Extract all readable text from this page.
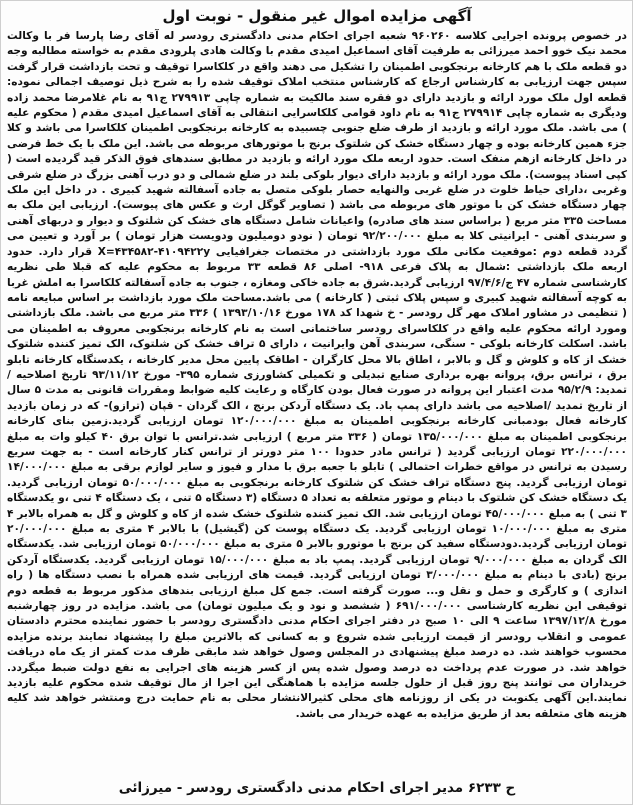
آگهی مزایده اموال غیر منقول - نوبت اول

در خصوص پرونده اجرایی کلاسه ۹۶۰۲۶۰ شعبه اجرای احکام مدنی دادگستری رودسر له آقای رضا پارسا فر با وکالت محمد نیک خوو احمد میرزائی به طرفیت آقای اسماعیل امیدی مقدم با وکالت هادی پلرودی مقدم به خواسته مطالبه وجه دو قطعه ملک با هم کارخانه برنجکوبی اطمینان را تشکیل می دهند واقع در کلکاسرا توقیف و تحت بازداشت قرار گرفت سپس جهت ارزیابی به کارشناس ارجاع که کارشناس منتخب املاک توقیف شده را به شرح ذیل توصیف اجمالی نموده: قطعه اول ملک مورد ارائه و بازدید دارای دو فقره سند مالکیت به شماره چاپی ۲۷۹۹۱۳ ج۹۱ به نام غلامرضا محمد زاده ودیگری به شماره چاپی ۲۷۹۹۱۴ ج۹۱ به نام داود قوامی کلکاسرایی انتقالی به آقای اسماعیل امیدی مقدم ( محکوم علیه ) می باشد. ملک مورد ارائه و بازدید از طرف ضلع جنوبی چسبیده به کارخانه برنجکوبی اطمینان کلکاسرا می باشد و کلا جزء همین کارخانه بوده و چهار دستگاه خشک کن شلتوک برنج با موتورهای مربوطه می باشد. این ملک با یک خط فرضی در داخل کارخانه ازهم منفک است. حدود اربعه ملک مورد ارائه و بازدید در مطابق سندهای فوق الذکر قید گردیده است ( کپی اسناد پیوست). ملک مورد ارائه و بازدید دارای دیوار بلوکی بلند در ضلع شمالی و دو درب آهنی بزرگ در ضلع شرقی وغربی ،دارای حیاط خلوت در ضلع غربی والنهایه حصار بلوکی متصل به جاده آسفالته شهید کبیری . در داخل این ملک چهار دستگاه خشک کن با موتور های مربوطه می باشد ( تصاویر گوگل ارث و عکس های پیوست). ارزیابی این ملک به مساحت ۳۳۵ متر مربع ( براساس سند های صادره) واعیانات شامل دستگاه های خشک کن شلتوک و دیوار و دربهای آهنی و سربندی آهنی - ایرانیتی کلا به مبلغ ۹۲/۲۰۰/۰۰۰ تومان ( نودو دومیلیون ودویست هزار تومان ) بر آورد و تعیین می گردد قطعه دوم :موقعیت مکانی ملک مورد بازداشتی در مختصات جغرافیایی X=۴۳۴۵۸۲-۴۱۰۹۴۲۲y قرار دارد. حدود اربعه ملک بازداشتی :شمال به پلاک فرعی ۹۱۸- اصلی ۸۶ قطعه ۳۳ مربوط به محکوم علیه که قبلا طی نظریه کارشناسی شماره ۴۷ ج/۹۷/۴/۶ ارزیابی گردید.شرق به جاده خاکی ومغازه ، جنوب به جاده آسفالته کلکاسرا به املش غربا به کوچه آسفالته شهید کبیری و سپس پلاک ثبتی ( کارخانه ) می باشد.مساحت ملک مورد بازداشت بر اساس مبایعه نامه ( تنظیمی در مشاور املاک مهر گل رودسر - خ شهدا کد ۱۷۸ مورخ ۱۳۹۳/۱۰/۱۶ ) ۳۳۶ متر مربع می باشد. ملک بازداشتی ومورد ارائه محکوم علیه واقع در کلکاسرای رودسر ساختمانی است به نام کارخانه برنجکوبی معروف به اطمینان می باشد. اسکلت کارخانه بلوکی - سنگی، سربندی آهن وایرانیت ، دارای ۵ تراف خشک کن شلتوک، الک تمیز کننده شلتوک خشک از کاه و کلوش و گل و بالابر ، اطاق بالا محل کارگران - اطاقک پایین محل مدیر کارخانه ، یکدستگاه کارخانه تابلو برق ، ترانس برق، پروانه بهره برداری صنایع تبدیلی و تکمیلی کشاورزی شماره ۳۹۵- مورخ ۹۳/۱۱/۱۲ تاریخ اصلاحیه / تمدید: ۹۵/۲/۹ مدت اعتبار این پروانه در صورت فعال بودن کارگاه و رعایت کلیه ضوابط ومقررات قانونی به مدت ۵ سال از تاریخ تمدید /اصلاحیه می باشد دارای پمپ باد. یک دستگاه آردکن برنج ، الک گردان - قپان (ترازو)- که در زمان بازدید کارخانه فعال بودمبانی کارخانه برنجکوبی اطمینان به مبلغ ۱۲۰/۰۰۰/۰۰۰ تومان ارزیابی گردید.زمین بنای کارخانه برنجکوبی اطمینان به مبلغ ۱۳۵/۰۰۰/۰۰۰ تومان ( ۳۳۶ متر مربع ) ارزیابی شد.ترانس با توان برق ۴۰ کیلو وات به مبلغ ۲۲۰/۰۰۰/۰۰۰ تومان ارزیابی گردید ( ترانس مادر حدودا ۱۰۰ متر دورتر از ترانس کنار کارخانه است - به جهت سریع رسیدن به ترانس در مواقع خطرات احتمالی ) تابلو با جعبه برق با مدار و فیوز و سایر لوازم برقی به مبلغ ۱۴/۰۰۰/۰۰۰ تومان ارزیابی گردید. پنج دستگاه تراف خشک کن شلتوک کارخانه برنجکوبی به مبلغ ۵۰/۰۰۰/۰۰۰ تومان ارزیابی گردید. یک دستگاه خشک کن شلتوک با دینام و موتور متعلقه به تعداد ۵ دستگاه (۳ دستگاه ۵ تنی ، یک دستگاه ۴ تنی ،و یکدستگاه ۳ تنی ) به مبلغ ۴۵/۰۰۰/۰۰۰ تومان ارزیابی شد. الک تمیز کننده شلتوک خشک شده از کاه و کلوش و گل به همراه بالابر ۴ متری به مبلغ ۱۰/۰۰۰/۰۰۰ تومان ارزیابی گردید. یک دستگاه پوست کن (گیشیل) با بالابر ۴ متری به مبلغ ۲۰/۰۰۰/۰۰۰ تومان ارزیابی گردید.دودستگاه سفید کن برنج با موتورو بالابر ۵ متری به مبلغ ۵۰/۰۰۰/۰۰۰ تومان ارزیابی شد. یکدستگاه الک گردان به مبلغ ۹/۰۰۰/۰۰۰ تومان ارزیابی گردید. پمپ باد به مبلغ ۱۵/۰۰۰/۰۰۰ تومان ارزیابی گردید. یکدستگاه آردکن برنج (بادی با دینام به مبلغ ۳/۰۰۰/۰۰۰ تومان ارزیابی گردید. قیمت های ارزیابی شده همراه با نصب دستگاه ها ( راه اندازی ) و کارگری و حمل و نقل و... صورت گرفته است. جمع کل مبلغ ارزیابی بندهای مذکور مربوط به قطعه دوم توقیفی این نظریه کارشناسی ۶۹۱/۰۰۰/۰۰۰ ( ششصد و نود و یک میلیون تومان) می باشد. مزایده در روز چهارشنبه مورخ ۱۳۹۷/۱۲/۸ ساعت ۹ الی ۱۰ صبح در دفتر اجرای احکام مدنی دادگستری رودسر با حضور نماینده محترم دادستان عمومی و انقلاب رودسر از قیمت ارزیابی شده شروع و به کسانی که بالاترین مبلغ را پیشنهاد نمایند برنده مزایده محسوب خواهند شد. ده درصد مبلغ پیشنهادی در المجلس وصول خواهد شد مابقی ظرف مدت کمتر از یک ماه دریافت خواهد شد. در صورت عدم پرداخت ده درصد وصول شده پس از کسر هزینه های اجرایی به نفع دولت ضبط میگردد. خریداران می توانند پنج روز قبل از حلول جلسه مزایده با هماهنگی این اجرا از مال توقیف شده محکوم علیه بازدید نمایند.این آگهی یکنوبت در یکی از روزنامه های محلی کثیرالانتشار محلی به نام حمایت درج ومنتشر خواهد شد کلیه هزینه های متعلقه بعد از طریق مزایده به عهده خریدار می باشد.

ح ۶۲۳۳ مدیر اجرای احکام مدنی دادگستری رودسر - میرزائی
